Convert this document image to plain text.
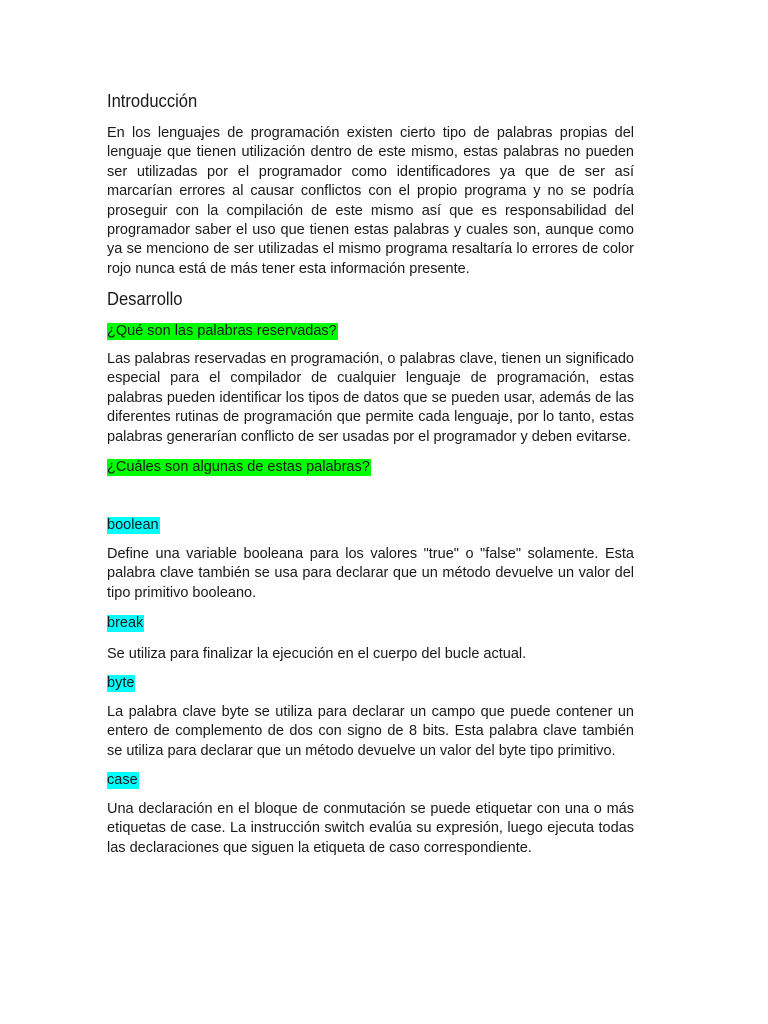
Introducción

En los lenguajes de programación existen cierto tipo de palabras propias del lenguaje que tienen utilización dentro de este mismo, estas palabras no pueden ser utilizadas por el programador como identificadores ya que de ser así marcarían errores al causar conflictos con el propio programa y no se podría proseguir con la compilación de este mismo así que es responsabilidad del programador saber el uso que tienen estas palabras y cuales son, aunque como ya se menciono de ser utilizadas el mismo programa resaltaría lo errores de color rojo nunca está de más tener esta información presente.

Desarrollo

¿Qué son las palabras reservadas?

Las palabras reservadas en programación, o palabras clave, tienen un significado especial para el compilador de cualquier lenguaje de programación, estas palabras pueden identificar los tipos de datos que se pueden usar, además de las diferentes rutinas de programación que permite cada lenguaje, por lo tanto, estas palabras generarían conflicto de ser usadas por el programador y deben evitarse.

¿Cuáles son algunas de estas palabras?

boolean

Define una variable booleana para los valores "true" o "false" solamente. Esta palabra clave también se usa para declarar que un método devuelve un valor del tipo primitivo booleano.

break

Se utiliza para finalizar la ejecución en el cuerpo del bucle actual.

byte

La palabra clave byte se utiliza para declarar un campo que puede contener un entero de complemento de dos con signo de 8 bits. Esta palabra clave también se utiliza para declarar que un método devuelve un valor del byte tipo primitivo.

case

Una declaración en el bloque de conmutación se puede etiquetar con una o más etiquetas de case. La instrucción switch evalúa su expresión, luego ejecuta todas las declaraciones que siguen la etiqueta de caso correspondiente.
